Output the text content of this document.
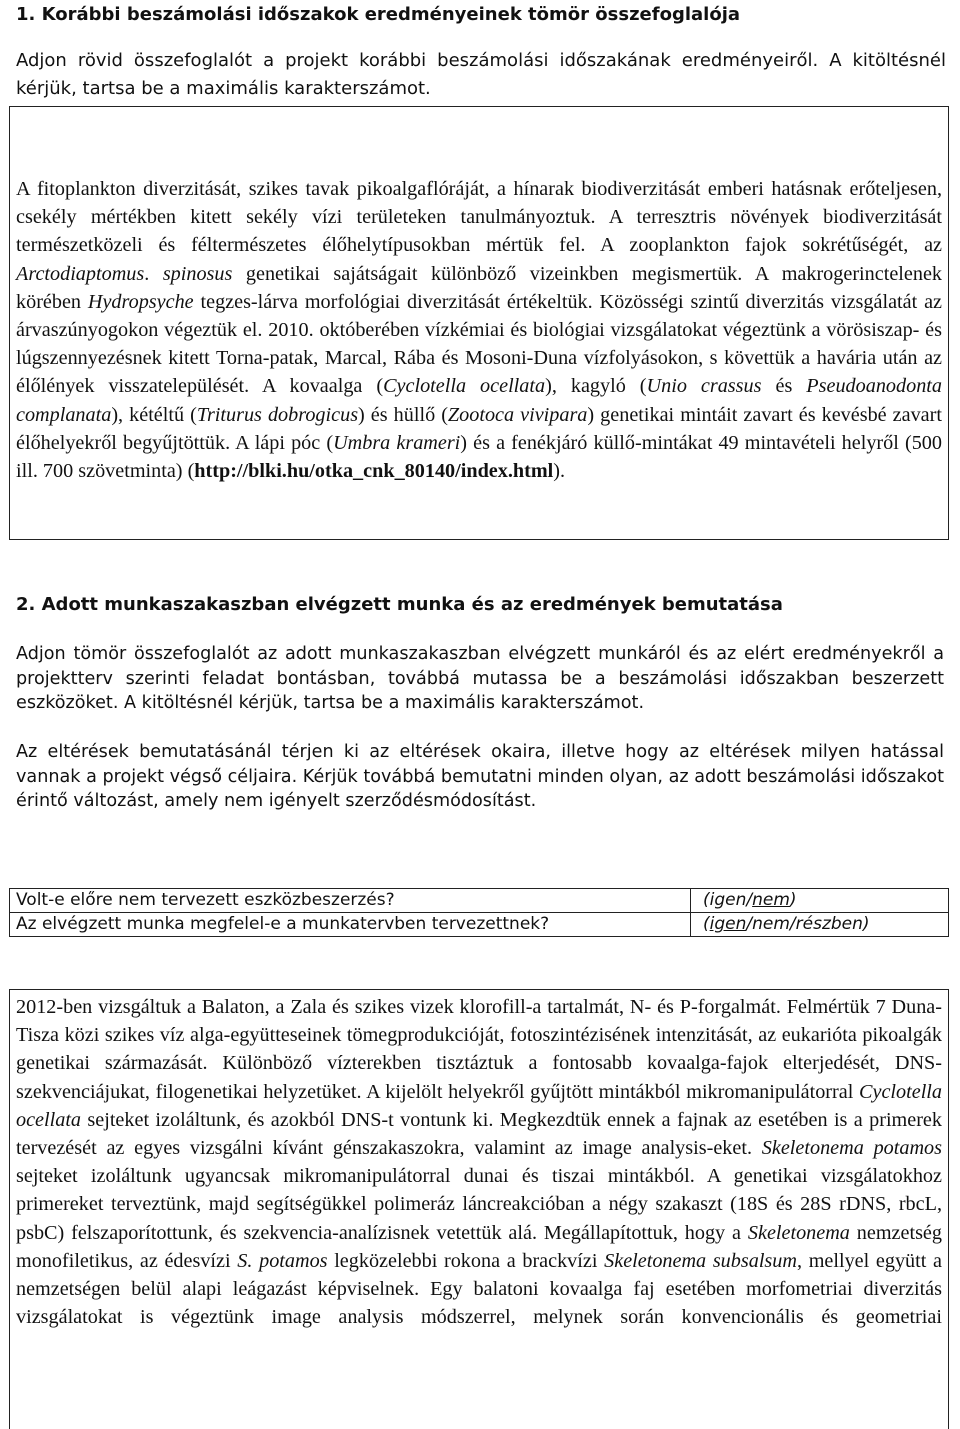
1. Korábbi beszámolási időszakok eredményeinek tömör összefoglalója

Adjon rövid összefoglalót a projekt korábbi beszámolási időszakának eredményeiről. A kitöltésnél kérjük, tartsa be a maximális karakterszámot.

A fitoplankton diverzitását, szikes tavak pikoalgaflóráját, a hínarak biodiverzitását emberi hatásnak erőteljesen, csekély mértékben kitett sekély vízi területeken tanulmányoztuk. A terresztris növények biodiverzitását természetközeli és féltermészetes élőhelytípusokban mértük fel. A zooplankton fajok sokrétűségét, az Arctodiaptomus. spinosus genetikai sajátságait különböző vizeinkben megismertük. A makrogerinctelenek körében Hydropsyche tegzes-lárva morfológiai diverzitását értékeltük. Közösségi szintű diverzitás vizsgálatát az árvaszúnyogokon végeztük el. 2010. októberében vízkémiai és biológiai vizsgálatokat végeztünk a vörösiszap- és lúgszennyezésnek kitett Torna-patak, Marcal, Rába és Mosoni-Duna vízfolyásokon, s követtük a havária után az élőlények visszatelepülését. A kovaalga (Cyclotella ocellata), kagyló (Unio crassus és Pseudoanodonta complanata), kétéltű (Triturus dobrogicus) és hüllő (Zootoca vivipara) genetikai mintáit zavart és kevésbé zavart élőhelyekről begyűjtöttük. A lápi póc (Umbra krameri) és a fenékjáró küllő-mintákat 49 mintavételi helyről (500 ill. 700 szövetminta) (http://blki.hu/otka_cnk_80140/index.html).

2. Adott munkaszakaszban elvégzett munka és az eredmények bemutatása

Adjon tömör összefoglalót az adott munkaszakaszban elvégzett munkáról és az elért eredményekről a projektterv szerinti feladat bontásban, továbbá mutassa be a beszámolási időszakban beszerzett eszközöket. A kitöltésnél kérjük, tartsa be a maximális karakterszámot.

Az eltérések bemutatásánál térjen ki az eltérések okaira, illetve hogy az eltérések milyen hatással vannak a projekt végső céljaira. Kérjük továbbá bemutatni minden olyan, az adott beszámolási időszakot érintő változást, amely nem igényelt szerződésmódosítást.

Volt-e előre nem tervezett eszközbeszerzés?	(igen/nem)
Az elvégzett munka megfelel-e a munkatervben tervezettnek?	(igen/nem/részben)

2012-ben vizsgáltuk a Balaton, a Zala és szikes vizek klorofill-a tartalmát, N- és P-forgalmát. Felmértük 7 Duna-Tisza közi szikes víz alga-együtteseinek tömegprodukcióját, fotoszintézisének intenzitását, az eukarióta pikoalgák genetikai származását. Különböző vízterekben tisztáztuk a fontosabb kovaalga-fajok elterjedését, DNS-szekvenciájukat, filogenetikai helyzetüket. A kijelölt helyekről gyűjtött mintákból mikromanipulátorral Cyclotella ocellata sejteket izoláltunk, és azokból DNS-t vontunk ki. Megkezdtük ennek a fajnak az esetében is a primerek tervezését az egyes vizsgálni kívánt génszakaszokra, valamint az image analysis-eket. Skeletonema potamos sejteket izoláltunk ugyancsak mikromanipulátorral dunai és tiszai mintákból. A genetikai vizsgálatokhoz primereket terveztünk, majd segítségükkel polimeráz láncreakcióban a négy szakaszt (18S és 28S rDNS, rbcL, psbC) felszaporítottunk, és szekvencia-analízisnek vetettük alá. Megállapítottuk, hogy a Skeletonema nemzetség monofiletikus, az édesvízi S. potamos legközelebbi rokona a brackvízi Skeletonema subsalsum, mellyel együtt a nemzetségen belül alapi leágazást képviselnek. Egy balatoni kovaalga faj esetében morfometriai diverzitás vizsgálatokat is végeztünk image analysis módszerrel, melynek során konvencionális és geometriai
